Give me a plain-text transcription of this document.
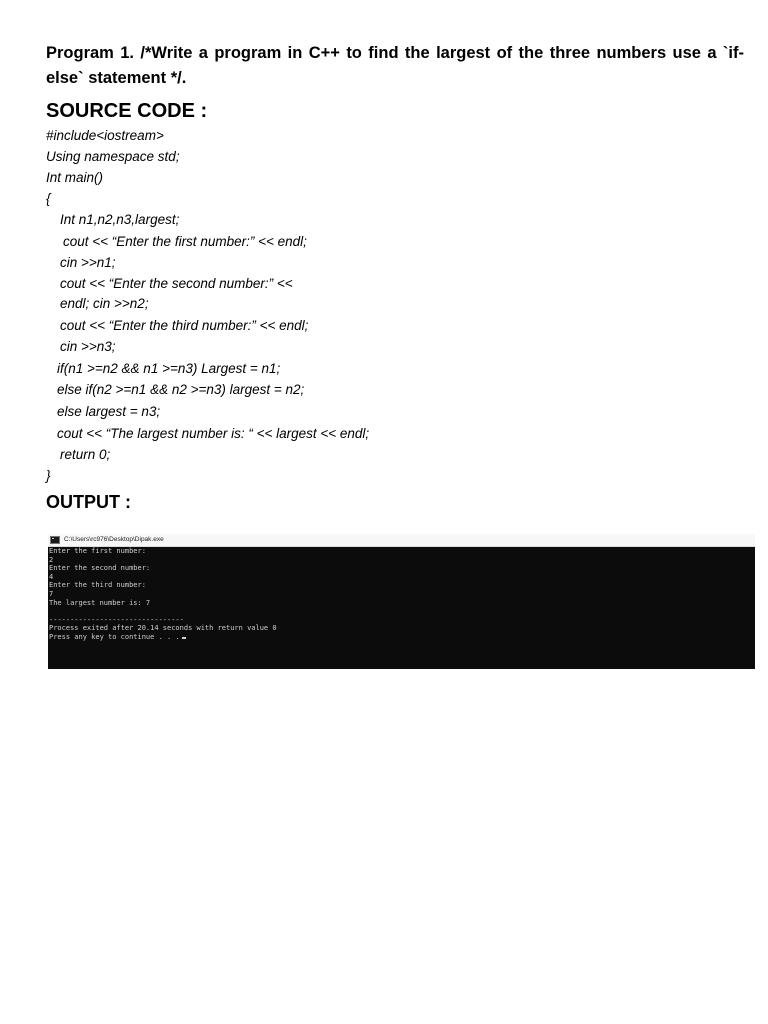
Program 1. /*Write a program in C++ to find the largest of the three numbers use a `if-else` statement */.
SOURCE CODE :
#include<iostream>
Using namespace std;
Int main()
{
Int n1,n2,n3,largest;
cout << “Enter the first number:” << endl;
cin >>n1;
cout << “Enter the second number:” <<
endl; cin >>n2;
cout << “Enter the third number:” << endl;
cin >>n3;
if(n1 >=n2 && n1 >=n3) Largest = n1;
else if(n2 >=n1 && n2 >=n3) largest = n2;
else largest = n3;
cout << “The largest number is: “ << largest << endl;
return 0;
}
OUTPUT :
C:\Users\rc976\Desktop\Dipak.exe
Enter the first number:
2
Enter the second number:
4
Enter the third number:
7
The largest number is: 7
--------------------------------
Process exited after 20.14 seconds with return value 0
Press any key to continue . . .
